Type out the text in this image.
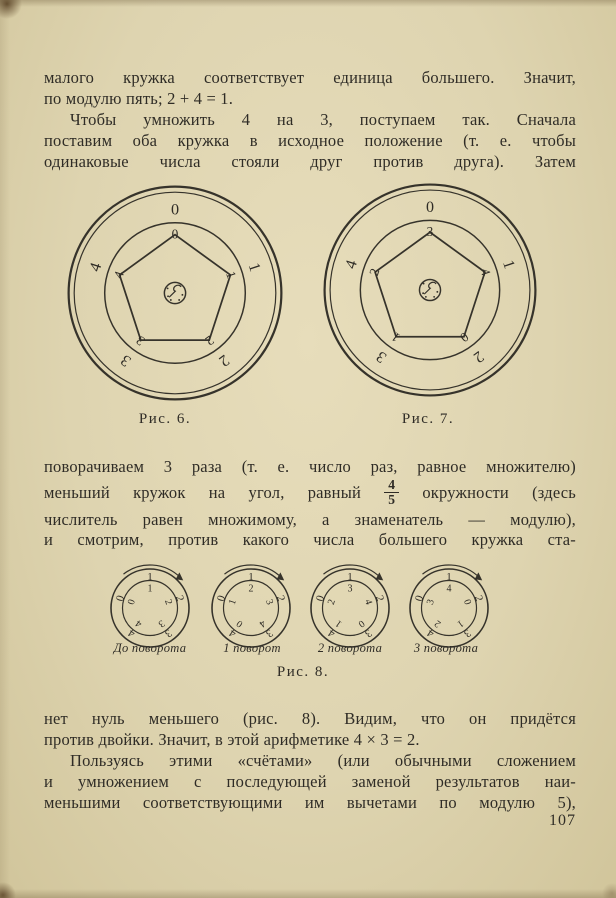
малого кружка соответствует единица большего. Значит,
по модулю пять; 2 + 4 = 1.
Чтобы умножить 4 на 3, поступаем так. Сначала
поставим оба кружка в исходное положение (т. е. чтобы
одинаковые числа стояли друг против друга). Затем
0
1
2
3
4
0
1
2
3
4
0
1
2
3
4
3
4
0
1
2
Рис. 6.	Рис. 7.
поворачиваем 3 раза (т. е. число раз, равное множителю)
меньший кружок на угол, равный $\frac{4}{5}$ окружности (здесь
числитель равен множимому, а знаменатель — модулю),
и смотрим, против какого числа большего кружка ста-
1
2
3
4
0
1
2
3
4
0
1
2
3
4
0
2
3
4
0
1
1
2
3
4
0
3
4
0
1
2
1
2
3
4
0
4
0
1
2
3
До поворота	1 поворот	2 поворота	3 поворота
Рис. 8.
нет нуль меньшего (рис. 8). Видим, что он придётся
против двойки. Значит, в этой арифметике 4 × 3 = 2.
Пользуясь этими «счётами» (или обычными сложением
и умножением с последующей заменой результатов наи-
меньшими соответствующими им вычетами по модулю 5),
107
